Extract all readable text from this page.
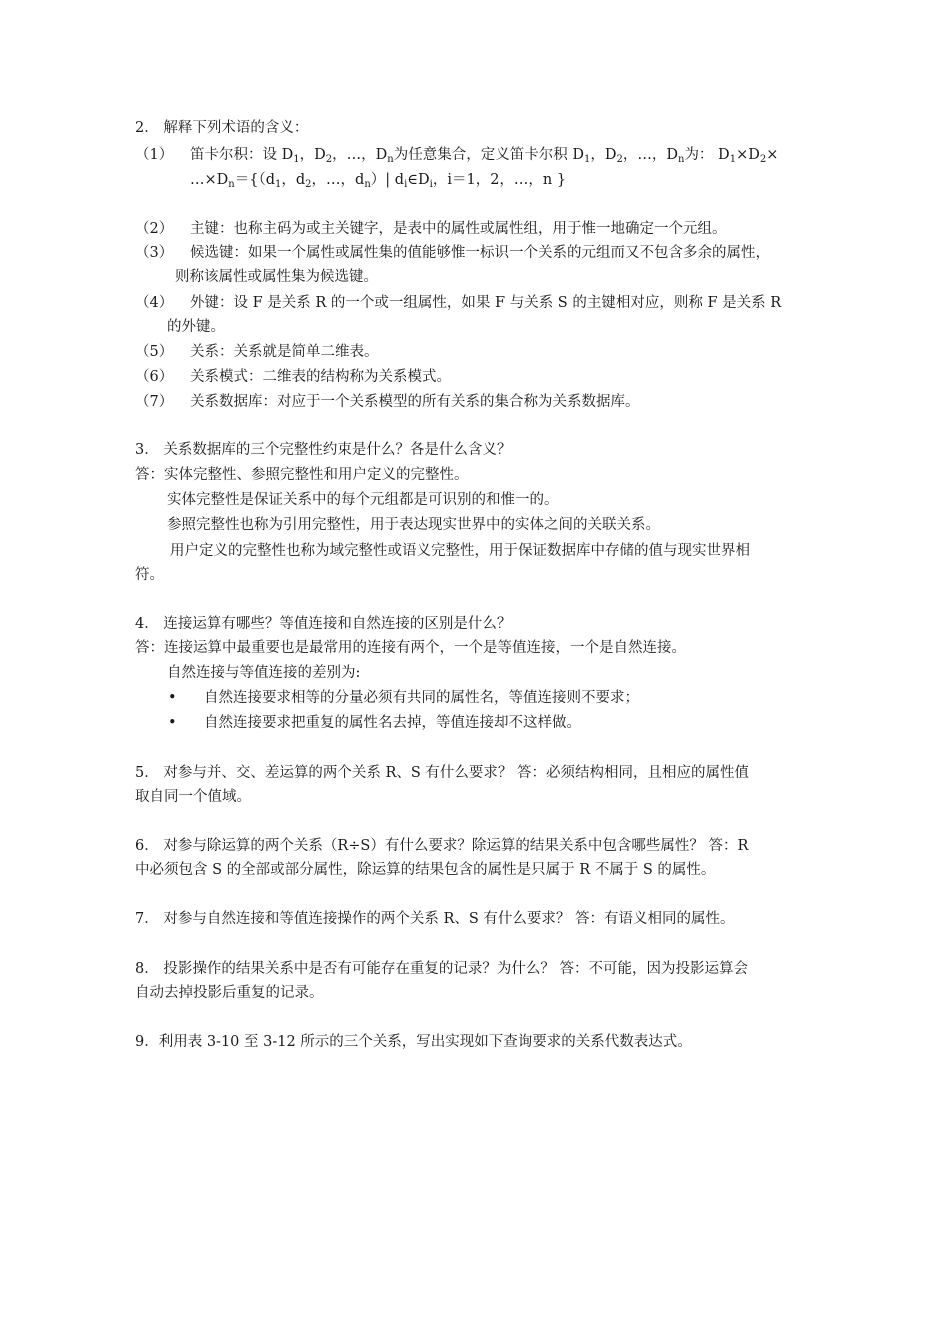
2． 解释下列术语的含义：
（1） 笛卡尔积：设 $D_1$，$D_2$，…，$D_n$为任意集合，定义笛卡尔积 $D_1$，$D_2$，…，$D_n$为： $D_1\times D_2\times$
$\dots\times D_n=\{(d_1$，$d_2$，…，$d_n)|$ $d_i\in D_i$，i＝1，2，…，n }
（2） 主键：也称主码为或主关键字，是表中的属性或属性组，用于惟一地确定一个元组。
（3） 候选键：如果一个属性或属性集的值能够惟一标识一个关系的元组而又不包含多余的属性，
则称该属性或属性集为候选键。
（4） 外键：设 F 是关系 R 的一个或一组属性，如果 F 与关系 S 的主键相对应，则称 F 是关系 R
的外键。
（5） 关系：关系就是简单二维表。
（6） 关系模式：二维表的结构称为关系模式。
（7） 关系数据库：对应于一个关系模型的所有关系的集合称为关系数据库。
3． 关系数据库的三个完整性约束是什么？各是什么含义？
答：实体完整性、参照完整性和用户定义的完整性。
实体完整性是保证关系中的每个元组都是可识别的和惟一的。
参照完整性也称为引用完整性，用于表达现实世界中的实体之间的关联关系。
用户定义的完整性也称为域完整性或语义完整性，用于保证数据库中存储的值与现实世界相
符。
4． 连接运算有哪些？等值连接和自然连接的区别是什么？
答：连接运算中最重要也是最常用的连接有两个，一个是等值连接，一个是自然连接。
自然连接与等值连接的差别为:
• 自然连接要求相等的分量必须有共同的属性名，等值连接则不要求；
• 自然连接要求把重复的属性名去掉，等值连接却不这样做。
5． 对参与并、交、差运算的两个关系 R、S 有什么要求？ 答：必须结构相同，且相应的属性值
取自同一个值域。
6． 对参与除运算的两个关系（R÷S）有什么要求？除运算的结果关系中包含哪些属性？ 答：R
中必须包含 S 的全部或部分属性，除运算的结果包含的属性是只属于 R 不属于 S 的属性。
7． 对参与自然连接和等值连接操作的两个关系 R、S 有什么要求？ 答：有语义相同的属性。
8． 投影操作的结果关系中是否有可能存在重复的记录？为什么？ 答：不可能，因为投影运算会
自动去掉投影后重复的记录。
9．利用表 3-10 至 3-12 所示的三个关系，写出实现如下查询要求的关系代数表达式。
